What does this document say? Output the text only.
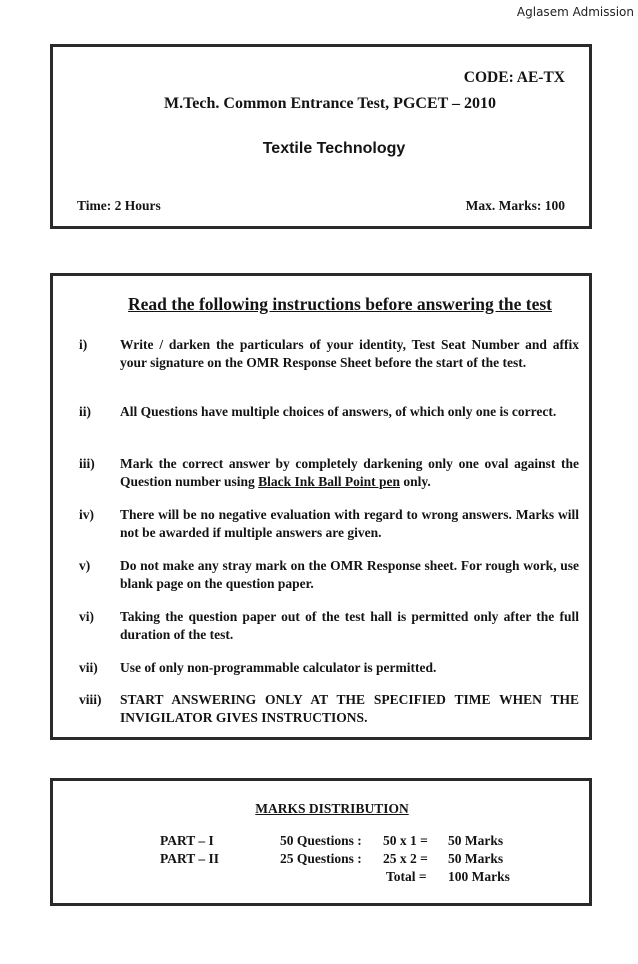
Aglasem Admission
CODE: AE-TX
M.Tech. Common Entrance Test, PGCET – 2010
Textile Technology
Time: 2 Hours	Max. Marks: 100
Read the following instructions before answering the test
i) Write / darken the particulars of your identity, Test Seat Number and affix your signature on the OMR Response Sheet before the start of the test.
ii) All Questions have multiple choices of answers, of which only one is correct.
iii) Mark the correct answer by completely darkening only one oval against the Question number using Black Ink Ball Point pen only.
iv) There will be no negative evaluation with regard to wrong answers. Marks will not be awarded if multiple answers are given.
v) Do not make any stray mark on the OMR Response sheet. For rough work, use blank page on the question paper.
vi) Taking the question paper out of the test hall is permitted only after the full duration of the test.
vii) Use of only non-programmable calculator is permitted.
viii) START ANSWERING ONLY AT THE SPECIFIED TIME WHEN THE INVIGILATOR GIVES INSTRUCTIONS.
MARKS DISTRIBUTION
PART – I	50 Questions : 50 x 1 = 50 Marks
PART – II	25 Questions : 25 x 2 = 50 Marks
Total = 100 Marks
